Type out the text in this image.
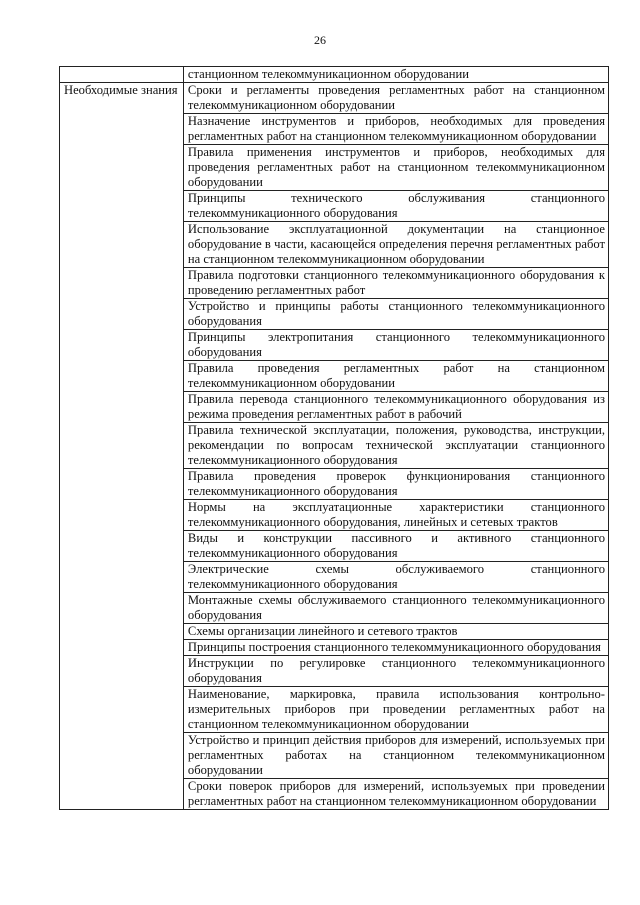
26
	станционном телекоммуникационном оборудовании
Необходимые знания	Сроки и регламенты проведения регламентных работ на станционном телекоммуникационном оборудовании
	Назначение инструментов и приборов, необходимых для проведения регламентных работ на станционном телекоммуникационном оборудовании
	Правила применения инструментов и приборов, необходимых для проведения регламентных работ на станционном телекоммуникационном оборудовании
	Принципы технического обслуживания станционного телекоммуникационного оборудования
	Использование эксплуатационной документации на станционное оборудование в части, касающейся определения перечня регламентных работ на станционном телекоммуникационном оборудовании
	Правила подготовки станционного телекоммуникационного оборудования к проведению регламентных работ
	Устройство и принципы работы станционного телекоммуникационного оборудования
	Принципы электропитания станционного телекоммуникационного оборудования
	Правила проведения регламентных работ на станционном телекоммуникационном оборудовании
	Правила перевода станционного телекоммуникационного оборудования из режима проведения регламентных работ в рабочий
	Правила технической эксплуатации, положения, руководства, инструкции, рекомендации по вопросам технической эксплуатации станционного телекоммуникационного оборудования
	Правила проведения проверок функционирования станционного телекоммуникационного оборудования
	Нормы на эксплуатационные характеристики станционного телекоммуникационного оборудования, линейных и сетевых трактов
	Виды и конструкции пассивного и активного станционного телекоммуникационного оборудования
	Электрические схемы обслуживаемого станционного телекоммуникационного оборудования
	Монтажные схемы обслуживаемого станционного телекоммуникационного оборудования
	Схемы организации линейного и сетевого трактов
	Принципы построения станционного телекоммуникационного оборудования
	Инструкции по регулировке станционного телекоммуникационного оборудования
	Наименование, маркировка, правила использования контрольно-измерительных приборов при проведении регламентных работ на станционном телекоммуникационном оборудовании
	Устройство и принцип действия приборов для измерений, используемых при регламентных работах на станционном телекоммуникационном оборудовании
	Сроки поверок приборов для измерений, используемых при проведении регламентных работ на станционном телекоммуникационном оборудовании
